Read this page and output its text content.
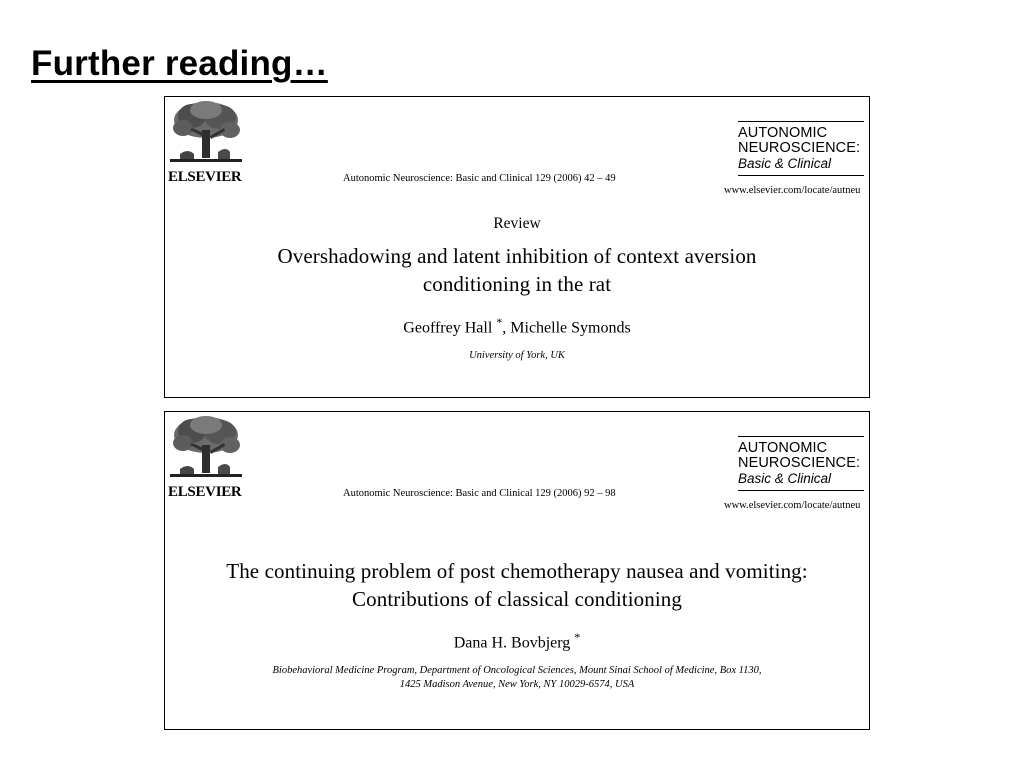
Further reading…
ELSEVIER	Autonomic Neuroscience: Basic and Clinical 129 (2006) 42 – 49
AUTONOMIC
NEUROSCIENCE:
Basic & Clinical
www.elsevier.com/locate/autneu
Review
Overshadowing and latent inhibition of context aversion
conditioning in the rat
Geoffrey Hall *, Michelle Symonds
University of York, UK
ELSEVIER	Autonomic Neuroscience: Basic and Clinical 129 (2006) 92 – 98
AUTONOMIC
NEUROSCIENCE:
Basic & Clinical
www.elsevier.com/locate/autneu
The continuing problem of post chemotherapy nausea and vomiting:
Contributions of classical conditioning
Dana H. Bovbjerg *
Biobehavioral Medicine Program, Department of Oncological Sciences, Mount Sinai School of Medicine, Box 1130,
1425 Madison Avenue, New York, NY 10029-6574, USA
